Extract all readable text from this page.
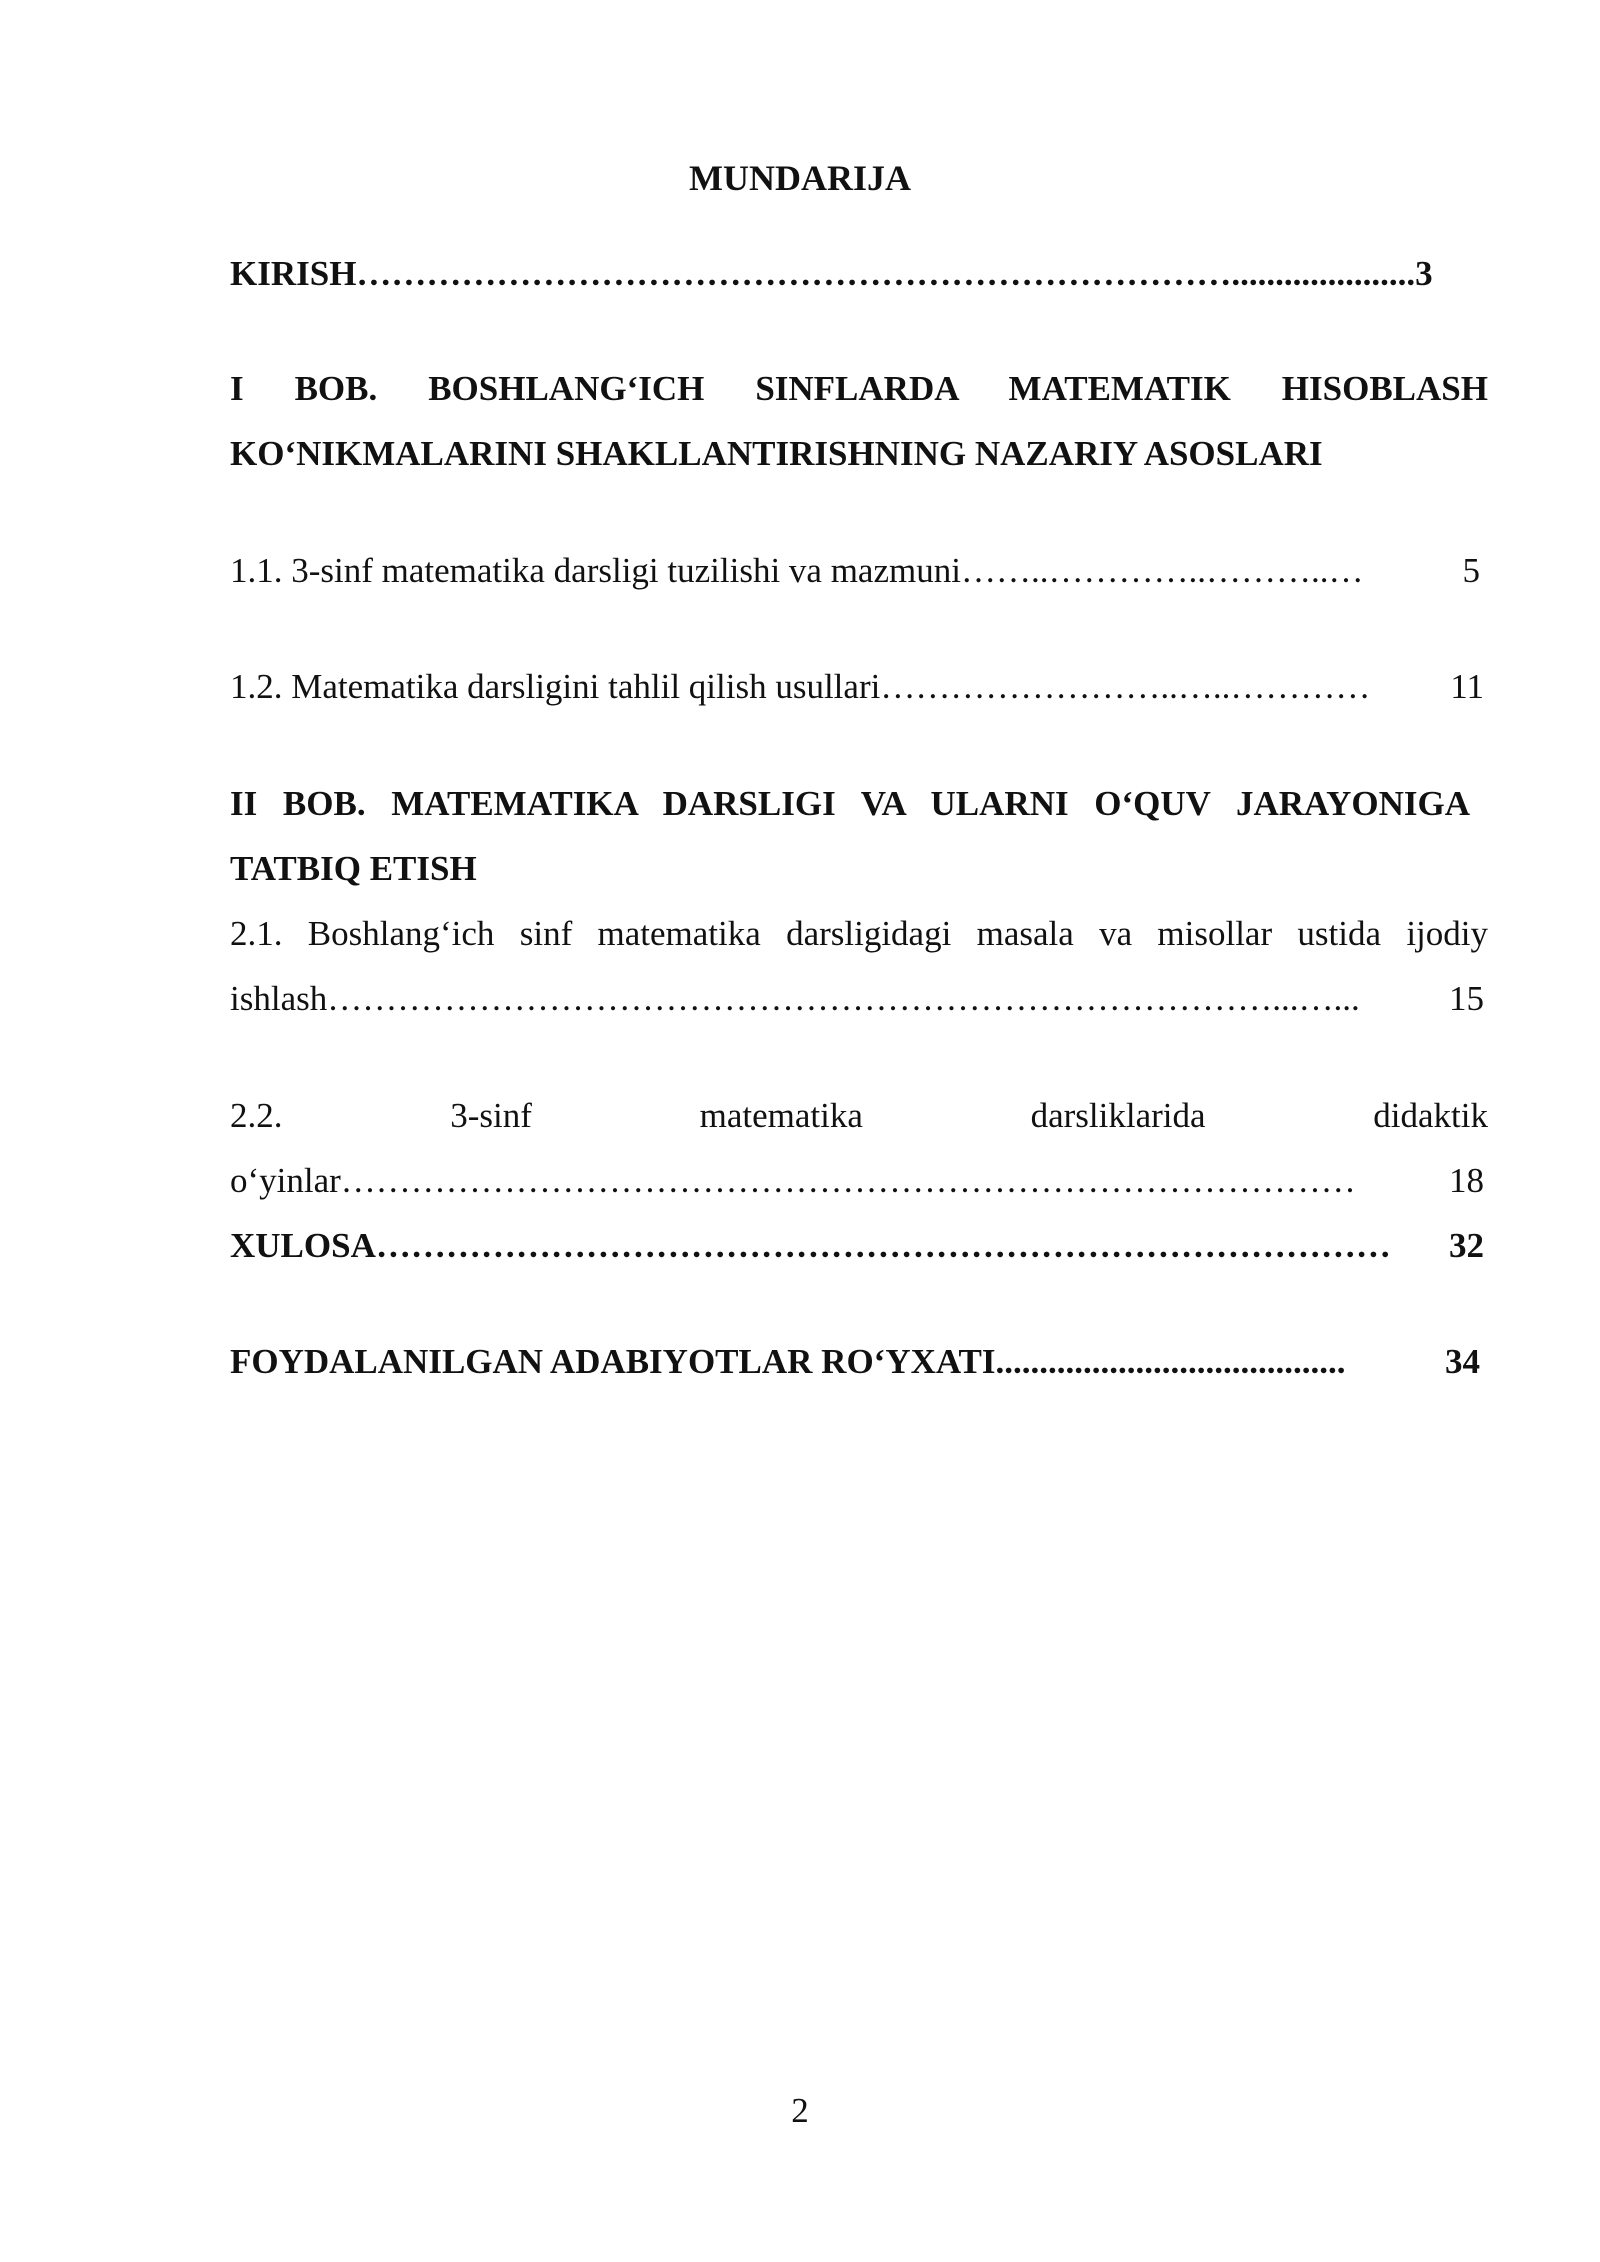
MUNDARIJA
KIRISH………………………………………………………………….....................3
I BOB. BOSHLANG‘ICH SINFLARDA MATEMATIK HISOBLASH
KO‘NIKMALARINI SHAKLLANTIRISHNING NAZARIY ASOSLARI
1.1. 3-sinf matematika darsligi tuzilishi va mazmuni……..…………..………..…	5
1.2. Matematika darsligini tahlil qilish usullari……………………..…..…………	11
II BOB. MATEMATIKA DARSLIGI VA ULARNI O‘QUV JARAYONIGA
TATBIQ ETISH
2.1. Boshlang‘ich sinf matematika darsligidagi masala va misollar ustida ijodiy
ishlash………………………………………………………………………...…...	15
2.2. 3-sinf matematika darsliklarida didaktik
o‘yinlar……………………………………………………………………………	18
XULOSA……………………………………………………………………………	32
FOYDALANILGAN ADABIYOTLAR RO‘YXATI........................................	34
2
